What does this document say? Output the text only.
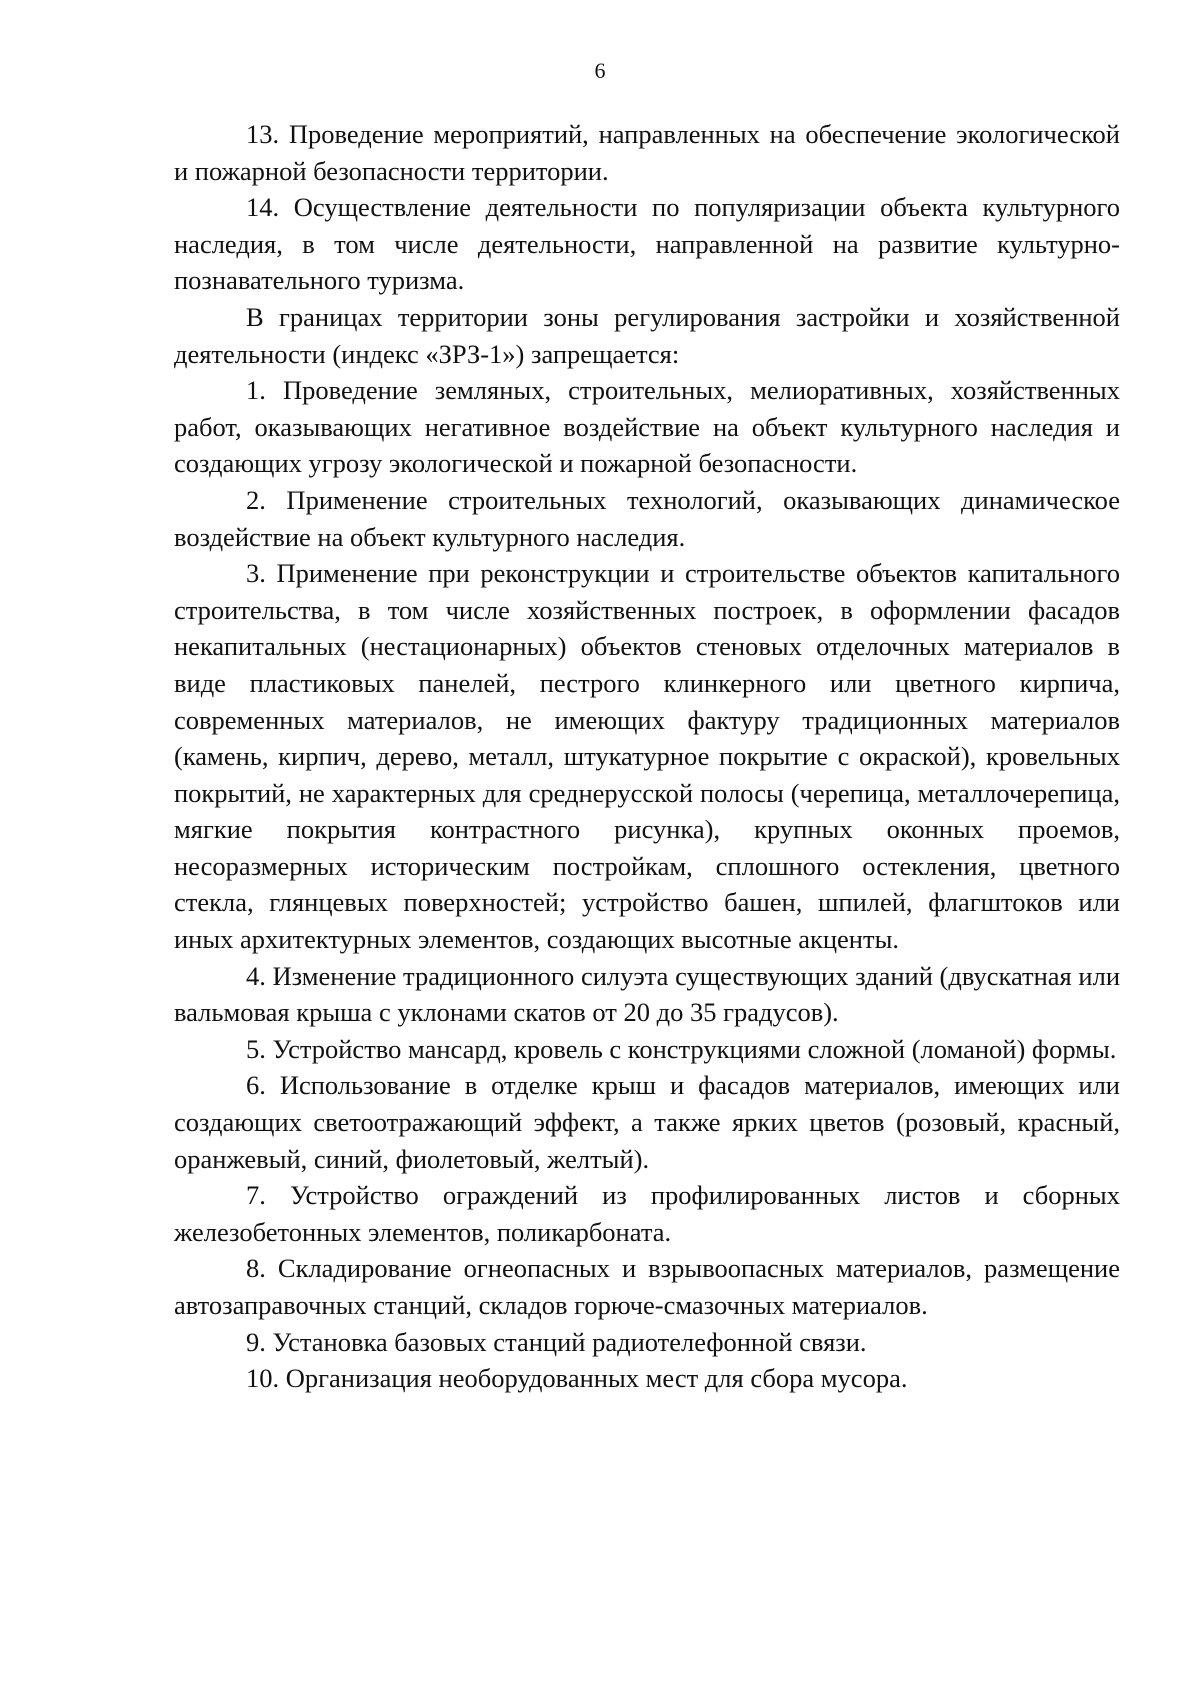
6

13. Проведение мероприятий, направленных на обеспечение экологической и пожарной безопасности территории.

14. Осуществление деятельности по популяризации объекта культурного наследия, в том числе деятельности, направленной на развитие культурно-познавательного туризма.

В границах территории зоны регулирования застройки и хозяйственной деятельности (индекс «ЗРЗ-1») запрещается:

1. Проведение земляных, строительных, мелиоративных, хозяйственных работ, оказывающих негативное воздействие на объект культурного наследия и создающих угрозу экологической и пожарной безопасности.

2. Применение строительных технологий, оказывающих динамическое воздействие на объект культурного наследия.

3. Применение при реконструкции и строительстве объектов капитального строительства, в том числе хозяйственных построек, в оформлении фасадов некапитальных (нестационарных) объектов стеновых отделочных материалов в виде пластиковых панелей, пестрого клинкерного или цветного кирпича, современных материалов, не имеющих фактуру традиционных материалов (камень, кирпич, дерево, металл, штукатурное покрытие с окраской), кровельных покрытий, не характерных для среднерусской полосы (черепица, металлочерепица, мягкие покрытия контрастного рисунка), крупных оконных проемов, несоразмерных историческим постройкам, сплошного остекления, цветного стекла, глянцевых поверхностей; устройство башен, шпилей, флагштоков или иных архитектурных элементов, создающих высотные акценты.

4. Изменение традиционного силуэта существующих зданий (двускатная или вальмовая крыша с уклонами скатов от 20 до 35 градусов).

5. Устройство мансард, кровель с конструкциями сложной (ломаной) формы.

6. Использование в отделке крыш и фасадов материалов, имеющих или создающих светоотражающий эффект, а также ярких цветов (розовый, красный, оранжевый, синий, фиолетовый, желтый).

7. Устройство ограждений из профилированных листов и сборных железобетонных элементов, поликарбоната.

8. Складирование огнеопасных и взрывоопасных материалов, размещение автозаправочных станций, складов горюче-смазочных материалов.

9. Установка базовых станций радиотелефонной связи.

10. Организация необорудованных мест для сбора мусора.
